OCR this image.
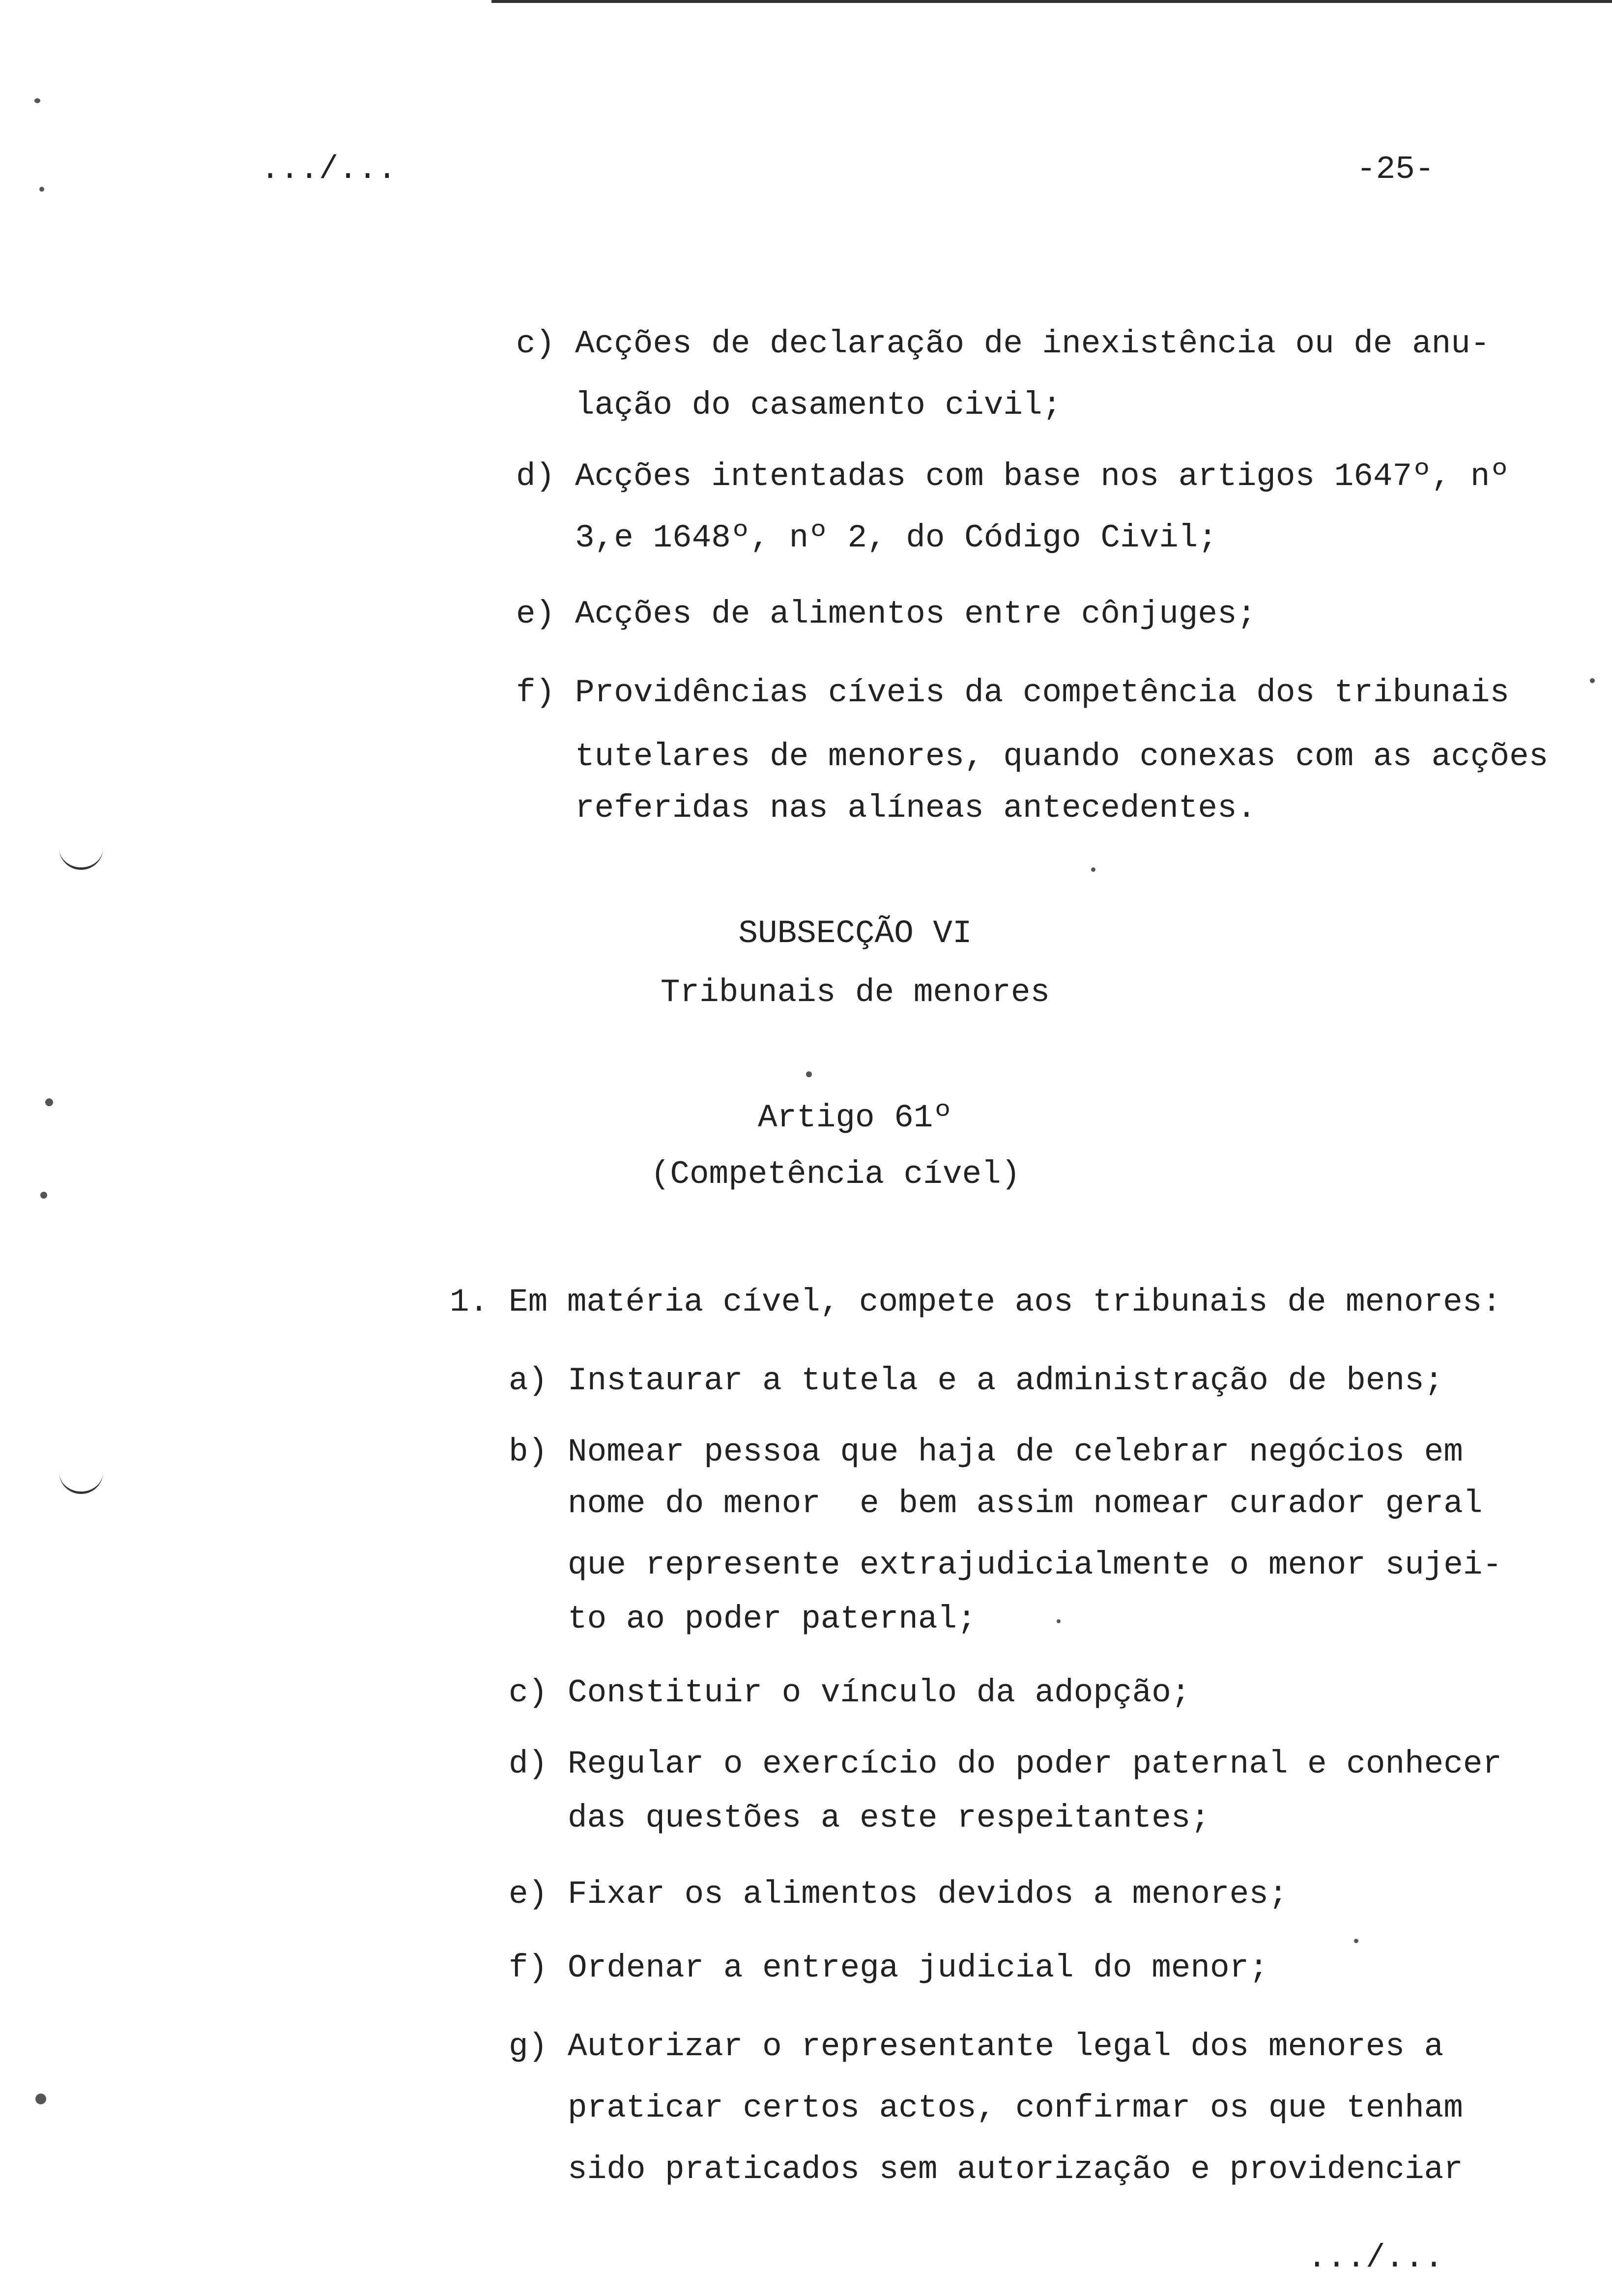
.../...	-25-
c) Acções de declaração de inexistência ou de anu-
lação do casamento civil;
d) Acções intentadas com base nos artigos 1647º, nº
3,e 1648º, nº 2, do Código Civil;
e) Acções de alimentos entre cônjuges;
f) Providências cíveis da competência dos tribunais
tutelares de menores, quando conexas com as acções
referidas nas alíneas antecedentes.
SUBSECÇÃO VI
Tribunais de menores
Artigo 61º
(Competência cível)
1. Em matéria cível, compete aos tribunais de menores:
a) Instaurar a tutela e a administração de bens;
b) Nomear pessoa que haja de celebrar negócios em
nome do menor  e bem assim nomear curador geral
que represente extrajudicialmente o menor sujei-
to ao poder paternal;
c) Constituir o vínculo da adopção;
d) Regular o exercício do poder paternal e conhecer
das questões a este respeitantes;
e) Fixar os alimentos devidos a menores;
f) Ordenar a entrega judicial do menor;
g) Autorizar o representante legal dos menores a
praticar certos actos, confirmar os que tenham
sido praticados sem autorização e providenciar
.../...
